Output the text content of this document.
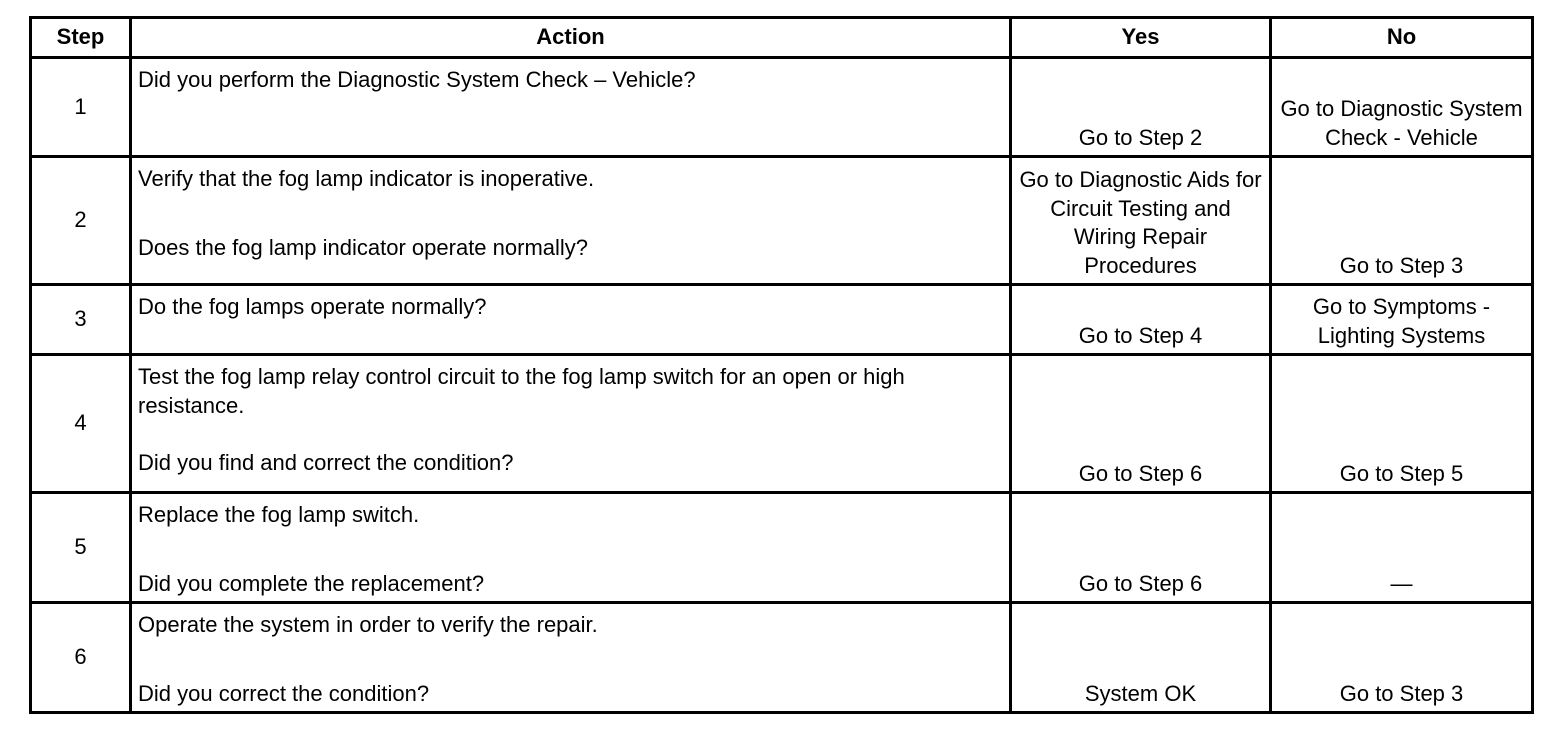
Step	Action	Yes	No
1	Did you perform the Diagnostic System Check – Vehicle?	Go to Step 2	Go to Diagnostic System Check - Vehicle
2	Verify that the fog lamp indicator is inoperative.
Does the fog lamp indicator operate normally?	Go to Diagnostic Aids for Circuit Testing and Wiring Repair Procedures	Go to Step 3
3	Do the fog lamps operate normally?	Go to Step 4	Go to Symptoms - Lighting Systems
4	Test the fog lamp relay control circuit to the fog lamp switch for an open or high resistance.
Did you find and correct the condition?	Go to Step 6	Go to Step 5
5	Replace the fog lamp switch.
Did you complete the replacement?	Go to Step 6	—
6	Operate the system in order to verify the repair.
Did you correct the condition?	System OK	Go to Step 3
